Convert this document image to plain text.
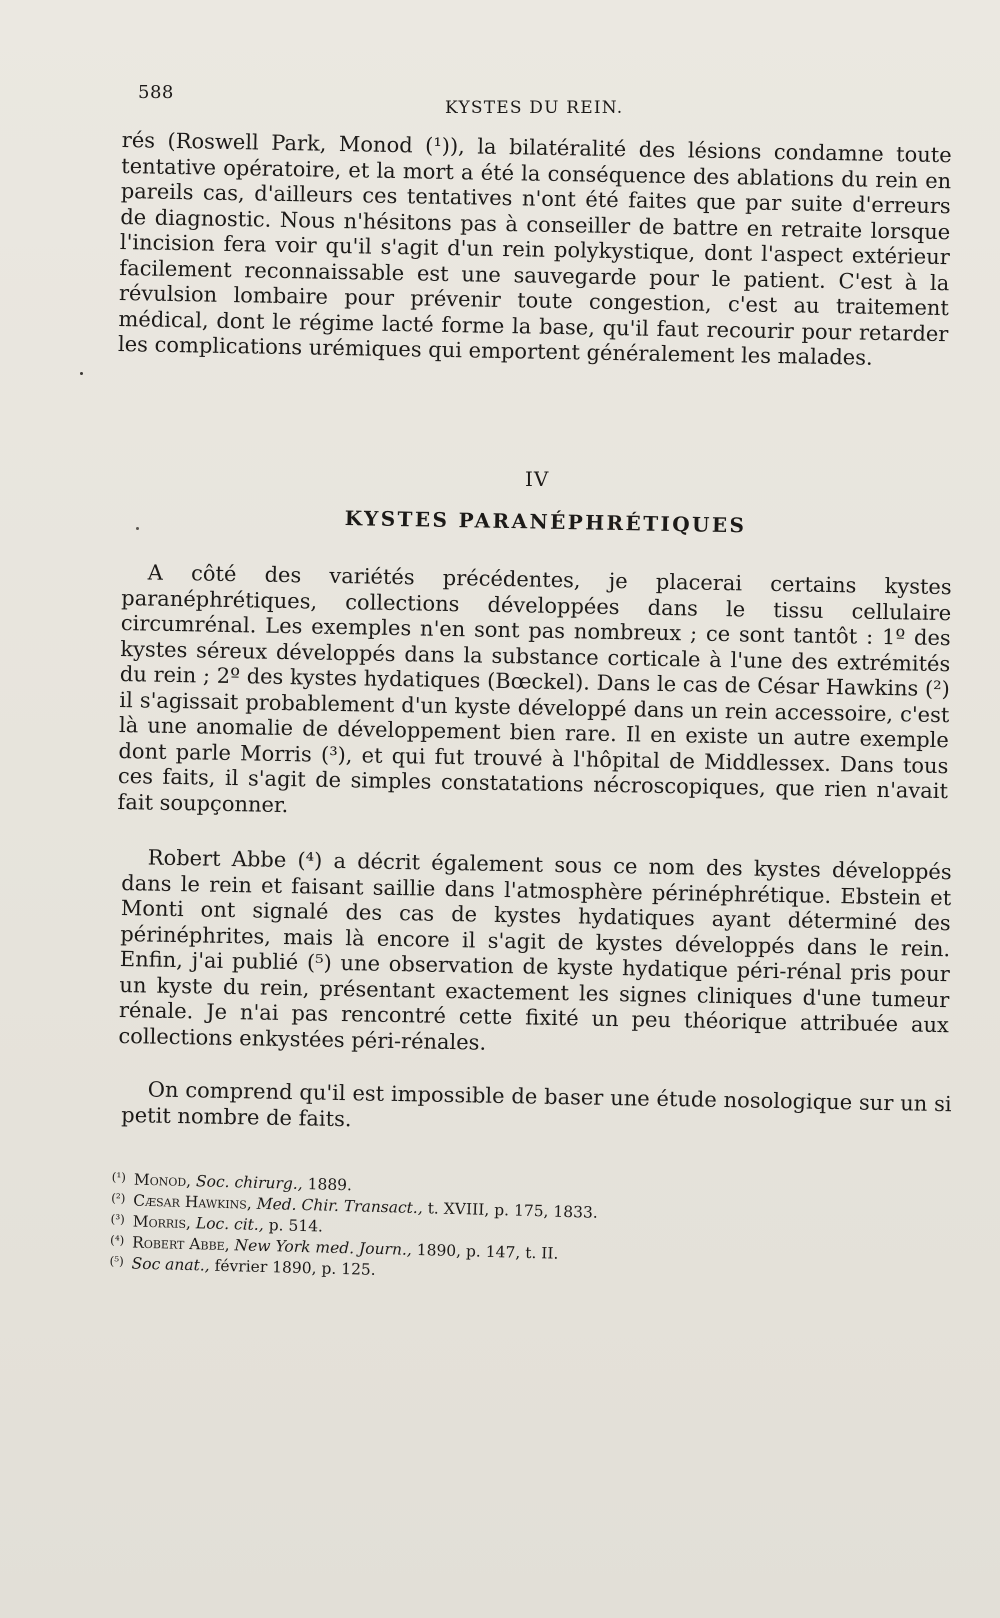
588
KYSTES DU REIN.

rés (Roswell Park, Monod (¹)), la bilatéralité des lésions condamne toute tentative opératoire, et la mort a été la conséquence des ablations du rein en pareils cas, d'ailleurs ces tentatives n'ont été faites que par suite d'erreurs de diagnostic. Nous n'hésitons pas à conseiller de battre en retraite lorsque l'incision fera voir qu'il s'agit d'un rein polykystique, dont l'aspect extérieur facilement reconnaissable est une sauvegarde pour le patient. C'est à la révulsion lombaire pour prévenir toute congestion, c'est au traitement médical, dont le régime lacté forme la base, qu'il faut recourir pour retarder les complications urémiques qui emportent généralement les malades.

IV
KYSTES PARANÉPHRÉTIQUES

A côté des variétés précédentes, je placerai certains kystes paranéphrétiques, collections développées dans le tissu cellulaire circumrénal. Les exemples n'en sont pas nombreux ; ce sont tantôt : 1º des kystes séreux développés dans la substance corticale à l'une des extrémités du rein ; 2º des kystes hydatiques (Bœckel). Dans le cas de César Hawkins (²) il s'agissait probablement d'un kyste développé dans un rein accessoire, c'est là une anomalie de développement bien rare. Il en existe un autre exemple dont parle Morris (³), et qui fut trouvé à l'hôpital de Middlessex. Dans tous ces faits, il s'agit de simples constatations nécroscopiques, que rien n'avait fait soupçonner.

Robert Abbe (⁴) a décrit également sous ce nom des kystes développés dans le rein et faisant saillie dans l'atmosphère périnéphrétique. Ebstein et Monti ont signalé des cas de kystes hydatiques ayant déterminé des périnéphrites, mais là encore il s'agit de kystes développés dans le rein. Enfin, j'ai publié (⁵) une observation de kyste hydatique péri-rénal pris pour un kyste du rein, présentant exactement les signes cliniques d'une tumeur rénale. Je n'ai pas rencontré cette fixité un peu théorique attribuée aux collections enkystées péri-rénales.

On comprend qu'il est impossible de baser une étude nosologique sur un si petit nombre de faits.

(¹) Monod, Soc. chirurg., 1889.

(²) Cæsar Hawkins, Med. Chir. Transact., t. XVIII, p. 175, 1833.

(³) Morris, Loc. cit., p. 514.

(⁴) Robert Abbe, New York med. Journ., 1890, p. 147, t. II.

(⁵) Soc anat., février 1890, p. 125.
